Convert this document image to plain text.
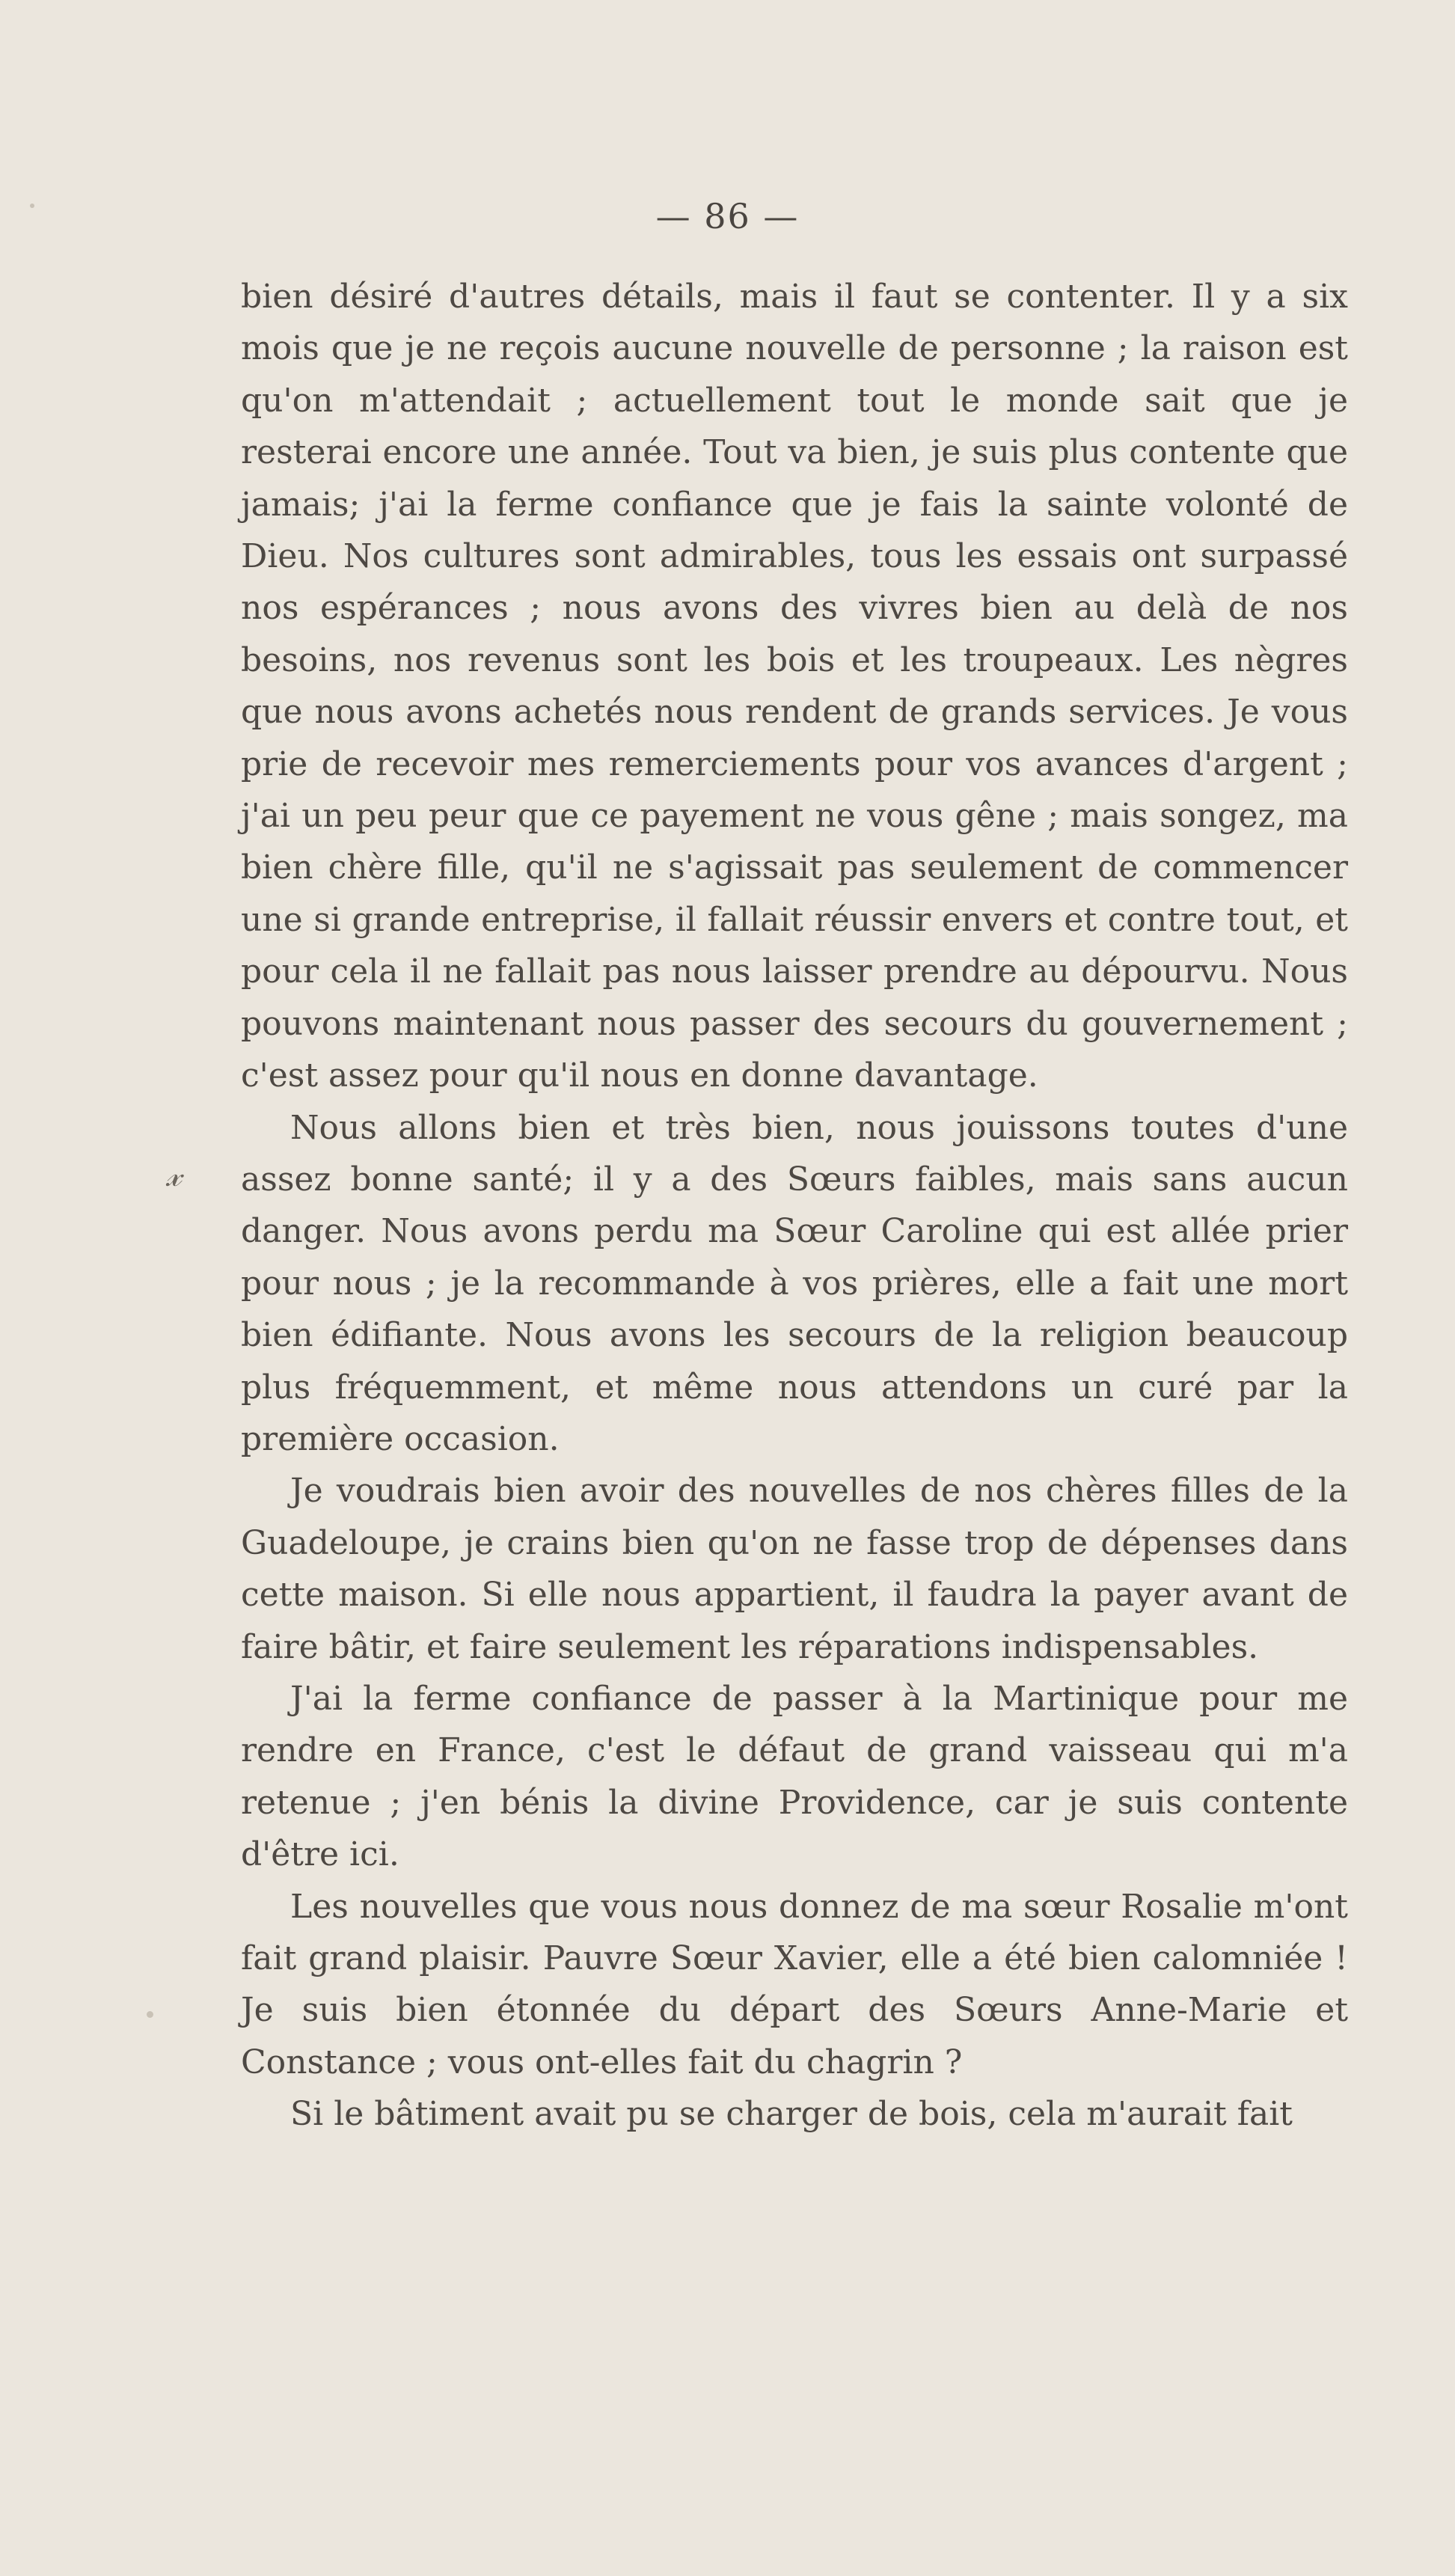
— 86 —
𝓍

bien désiré d'autres détails, mais il faut se contenter. Il y a six mois que je ne reçois aucune nouvelle de personne ; la raison est qu'on m'attendait ; actuellement tout le monde sait que je resterai encore une année. Tout va bien, je suis plus contente que jamais; j'ai la ferme confiance que je fais la sainte volonté de Dieu. Nos cultures sont admirables, tous les essais ont surpassé nos espérances ; nous avons des vivres bien au delà de nos besoins, nos revenus sont les bois et les troupeaux. Les nègres que nous avons achetés nous rendent de grands services. Je vous prie de recevoir mes remerciements pour vos avances d'argent ; j'ai un peu peur que ce payement ne vous gêne ; mais songez, ma bien chère fille, qu'il ne s'agissait pas seulement de commencer une si grande entreprise, il fallait réussir envers et contre tout, et pour cela il ne fallait pas nous laisser prendre au dépourvu. Nous pouvons maintenant nous passer des secours du gouvernement ; c'est assez pour qu'il nous en donne davantage.

Nous allons bien et très bien, nous jouissons toutes d'une assez bonne santé; il y a des Sœurs faibles, mais sans aucun danger. Nous avons perdu ma Sœur Caroline qui est allée prier pour nous ; je la recommande à vos prières, elle a fait une mort bien édifiante. Nous avons les secours de la religion beaucoup plus fréquemment, et même nous attendons un curé par la première occasion.

Je voudrais bien avoir des nouvelles de nos chères filles de la Guadeloupe, je crains bien qu'on ne fasse trop de dépenses dans cette maison. Si elle nous appartient, il faudra la payer avant de faire bâtir, et faire seulement les réparations indispensables.

J'ai la ferme confiance de passer à la Martinique pour me rendre en France, c'est le défaut de grand vaisseau qui m'a retenue ; j'en bénis la divine Providence, car je suis contente d'être ici.

Les nouvelles que vous nous donnez de ma sœur Rosalie m'ont fait grand plaisir. Pauvre Sœur Xavier, elle a été bien calomniée ! Je suis bien étonnée du départ des Sœurs Anne-Marie et Constance ; vous ont-elles fait du chagrin ?

Si le bâtiment avait pu se charger de bois, cela m'aurait fait
